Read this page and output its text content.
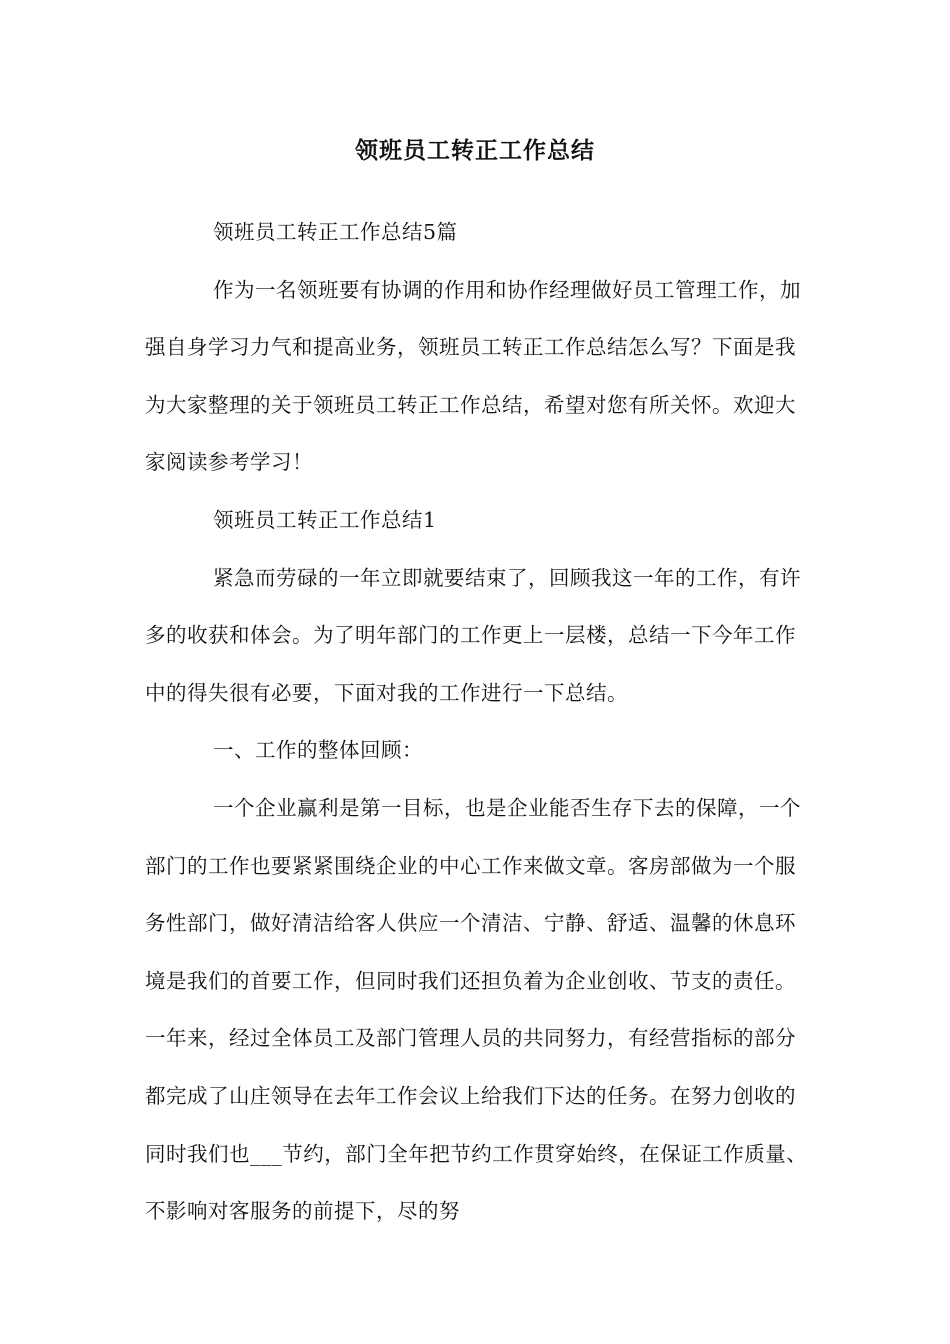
领班员工转正工作总结

领班员工转正工作总结5篇

作为一名领班要有协调的作用和协作经理做好员工管理工作，加强自身学习力气和提高业务，领班员工转正工作总结怎么写？下面是我为大家整理的关于领班员工转正工作总结，希望对您有所关怀。欢迎大家阅读参考学习！

领班员工转正工作总结1

紧急而劳碌的一年立即就要结束了，回顾我这一年的工作，有许多的收获和体会。为了明年部门的工作更上一层楼，总结一下今年工作中的得失很有必要，下面对我的工作进行一下总结。

一、工作的整体回顾：

一个企业赢利是第一目标，也是企业能否生存下去的保障，一个部门的工作也要紧紧围绕企业的中心工作来做文章。客房部做为一个服务性部门，做好清洁给客人供应一个清洁、宁静、舒适、温馨的休息环境是我们的首要工作，但同时我们还担负着为企业创收、节支的责任。一年来，经过全体员工及部门管理人员的共同努力，有经营指标的部分都完成了山庄领导在去年工作会议上给我们下达的任务。在努力创收的同时我们也___节约，部门全年把节约工作贯穿始终，在保证工作质量、不影响对客服务的前提下，尽的努
